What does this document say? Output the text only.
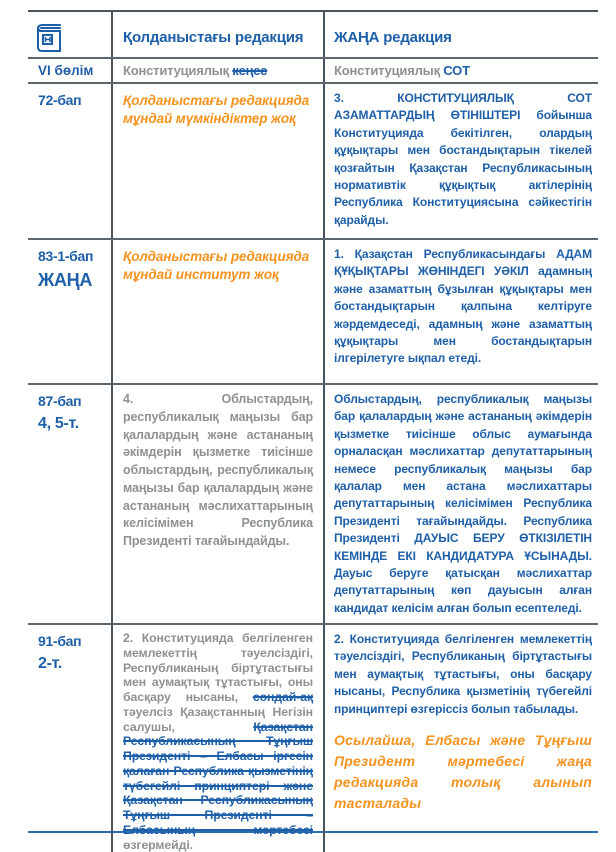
Қолданыстағы редакция ЖАҢА редакция
VI бөлім Конституциялық кеңес	Конституциялық СОТ
72-бап	Қолданыстағы редакцияда мұндай мүмкіндіктер жоқ

3. КОНСТИТУЦИЯЛЫҚ СОТ АЗАМАТТАРДЫҢ ӨТІНІШТЕРІ бойынша Конституцияда бекітілген, олардың құқықтары мен бостандықтарын тікелей қозғайтын Қазақстан Республикасының нормативтік құқықтық актілерінің Республика Конституциясына сәйкестігін қарайды.

83-1-бап
ЖАҢА

Қолданыстағы редакцияда мұндай институт жоқ

1. Қазақстан Республикасындағы АДАМ ҚҰҚЫҚТАРЫ ЖӨНІНДЕГІ УӘКІЛ адамның және азаматтың бұзылған құқықтары мен бостандықтарын қалпына келтіруге жәрдемдеседі, адамның және азаматтың құқықтары мен бостандықтарын ілгерілетуге ықпал етеді.

87-бап
4, 5-т.

4. Облыстардың, республикалық маңызы бар қалалардың және астананың әкімдерін қызметке тиісінше облыстардың, республикалық маңызы бар қалалардың және астананың мәслихаттарының келісімімен Республика Президенті тағайындайды.

Облыстардың, республикалық маңызы бар қалалардың және астананың әкімдерін қызметке тиісінше облыс аумағында орналасқан мәслихаттар депутаттарының немесе республикалық маңызы бар қалалар мен астана мәслихаттары депутаттарының келісімімен Республика Президенті тағайындайды. Республика Президенті ДАУЫС БЕРУ ӨТКІЗІЛЕТІН КЕМІНДЕ ЕКІ КАНДИДАТУРА ҰСЫНАДЫ. Дауыс беруге қатысқан мәслихаттар депутаттарының көп дауысын алған кандидат келісім алған болып есептеледі.

91-бап
2-т.

2. Конституцияда белгіленген мемлекеттің тәуелсіздігі, Республиканың біртұтастығы мен аумақтық тұтастығы, оны басқару нысаны, сондай-ақ тәуелсіз Қазақстанның Негізін салушы, Қазақстан Республикасының Тұңғыш Президенті – Елбасы іргесін қалаған Республика қызметінің түбегейлі принциптері және Қазақстан Республикасының Тұңғыш Президенті – Елбасының мәртебесі өзгермейді.

2. Конституцияда белгіленген мемлекеттің тәуелсіздігі, Республиканың біртұтастығы мен аумақтық тұтастығы, оны басқару нысаны, Республика қызметінің түбегейлі принциптері өзгеріссіз болып табылады.

Осылайша, Елбасы және Тұңғыш Президент мәртебесі жаңа редакцияда толық алынып тасталады
